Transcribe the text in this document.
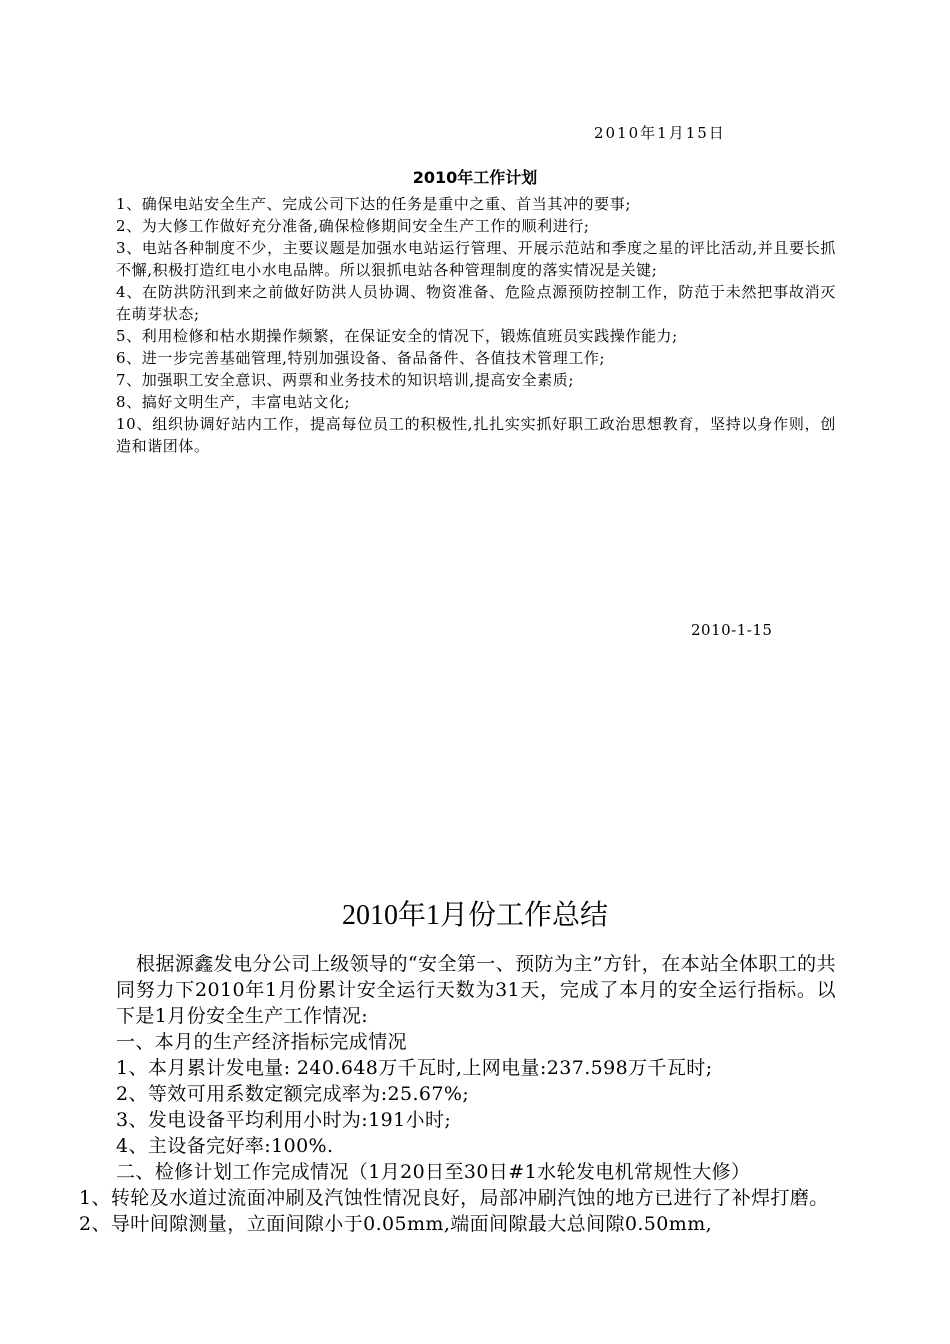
2010年1月15日
2010年工作计划
1、确保电站安全生产、完成公司下达的任务是重中之重、首当其冲的要事;
2、为大修工作做好充分准备,确保检修期间安全生产工作的顺利进行;
3、电站各种制度不少，主要议题是加强水电站运行管理、开展示范站和季度之星的评比活动,并且要长抓不懈,积极打造红电小水电品牌。所以狠抓电站各种管理制度的落实情况是关键;
4、在防洪防汛到来之前做好防洪人员协调、物资准备、危险点源预防控制工作，防范于未然把事故消灭在萌芽状态;
5、利用检修和枯水期操作频繁，在保证安全的情况下，锻炼值班员实践操作能力;
6、进一步完善基础管理,特别加强设备、备品备件、各值技术管理工作;
7、加强职工安全意识、两票和业务技术的知识培训,提高安全素质;
8、搞好文明生产，丰富电站文化;
10、组织协调好站内工作，提高每位员工的积极性,扎扎实实抓好职工政治思想教育，坚持以身作则，创造和谐团体。
2010-1-15
2010年1月份工作总结

根据源鑫发电分公司上级领导的“安全第一、预防为主”方针，在本站全体职工的共同努力下2010年1月份累计安全运行天数为31天，完成了本月的安全运行指标。以下是1月份安全生产工作情况:

一、本月的生产经济指标完成情况

1、本月累计发电量: 240.648万千瓦时,上网电量:237.598万千瓦时;

2、等效可用系数定额完成率为:25.67%;

3、发电设备平均利用小时为:191小时;

4、主设备完好率:100%.

二、检修计划工作完成情况（1月20日至30日#1水轮发电机常规性大修）

1、转轮及水道过流面冲刷及汽蚀性情况良好，局部冲刷汽蚀的地方已进行了补焊打磨。

2、导叶间隙测量，立面间隙小于0.05mm,端面间隙最大总间隙0.50mm,
